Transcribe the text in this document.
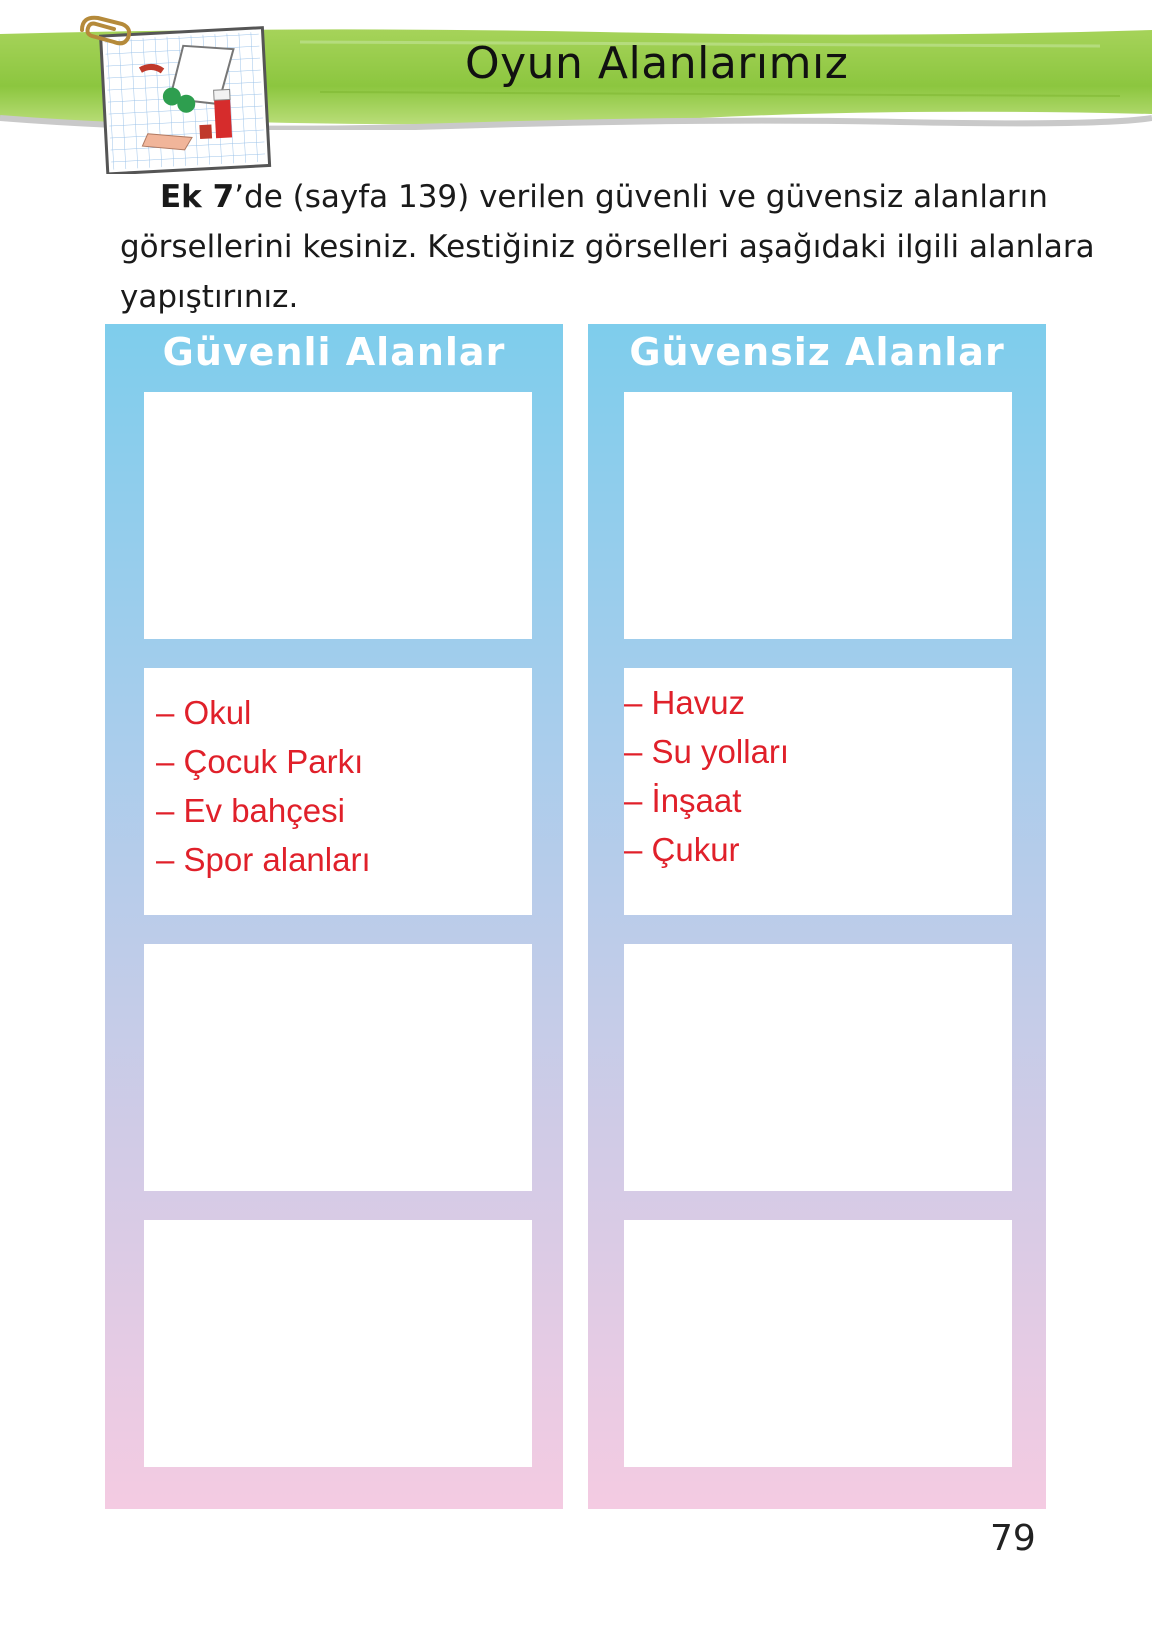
Oyun Alanlarımız
Ek 7’de (sayfa 139) verilen güvenli ve güvensiz alanların görsellerini kesiniz. Kestiğiniz görselleri aşağıdaki ilgili alanlara yapıştırınız.
Güvenli Alanlar
– Okul
– Çocuk Parkı
– Ev bahçesi
– Spor alanları
Güvensiz Alanlar
– Havuz
– Su yolları
– İnşaat
– Çukur
79
